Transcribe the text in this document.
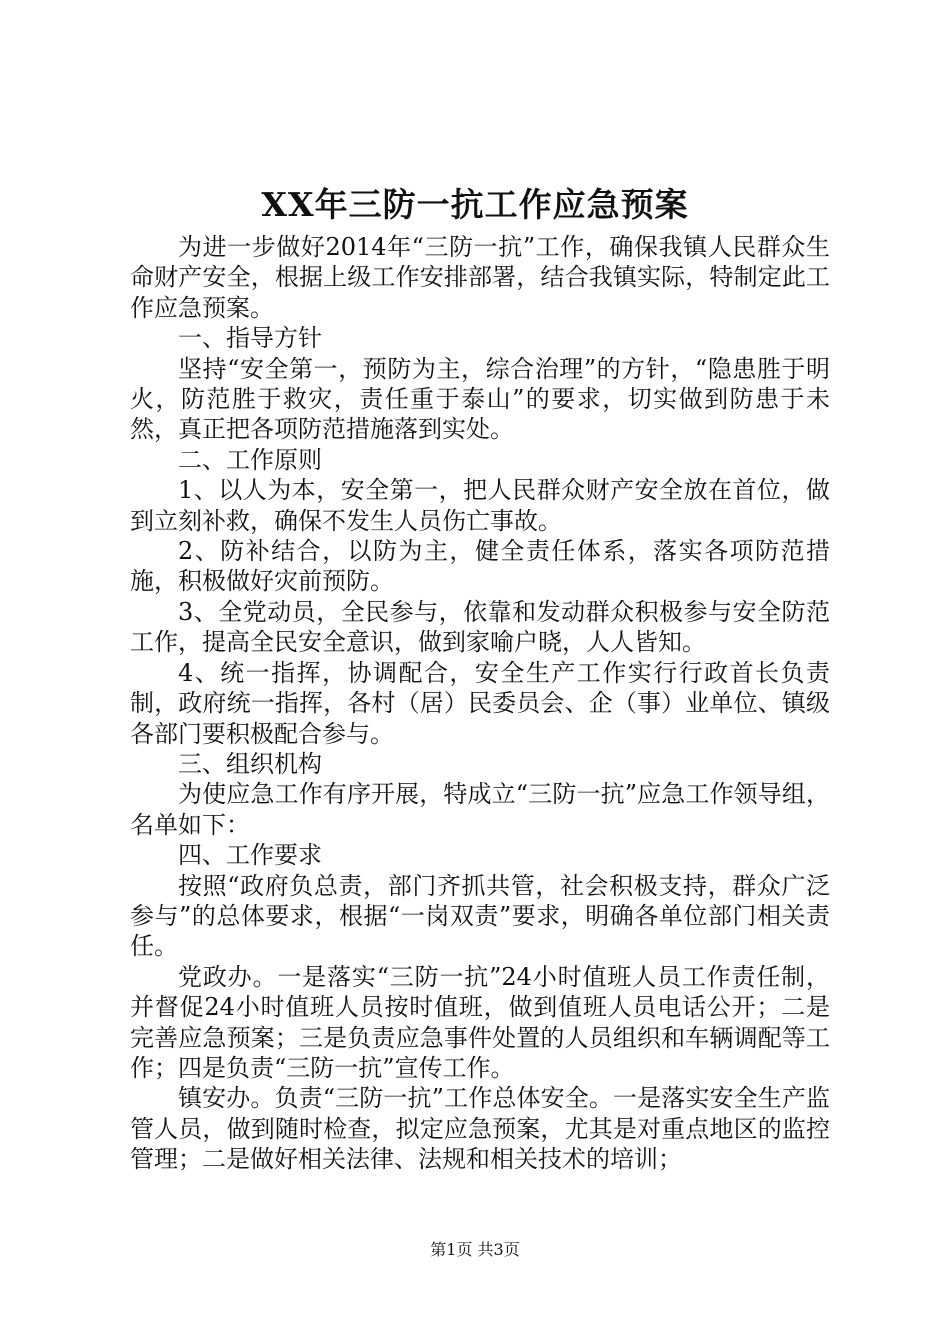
XX年三防一抗工作应急预案

为进一步做好2014年“三防一抗”工作，确保我镇人民群众生命财产安全，根据上级工作安排部署，结合我镇实际，特制定此工作应急预案。

一、指导方针

坚持“安全第一，预防为主，综合治理”的方针，“隐患胜于明火，防范胜于救灾，责任重于泰山”的要求，切实做到防患于未然，真正把各项防范措施落到实处。

二、工作原则

1、以人为本，安全第一，把人民群众财产安全放在首位，做到立刻补救，确保不发生人员伤亡事故。

2、防补结合，以防为主，健全责任体系，落实各项防范措施，积极做好灾前预防。

3、全党动员，全民参与，依靠和发动群众积极参与安全防范工作，提高全民安全意识，做到家喻户晓，人人皆知。

4、统一指挥，协调配合，安全生产工作实行行政首长负责制，政府统一指挥，各村（居）民委员会、企（事）业单位、镇级各部门要积极配合参与。

三、组织机构

为使应急工作有序开展，特成立“三防一抗”应急工作领导组，名单如下：

四、工作要求

按照“政府负总责，部门齐抓共管，社会积极支持，群众广泛参与”的总体要求，根据“一岗双责”要求，明确各单位部门相关责任。

党政办。一是落实“三防一抗”24小时值班人员工作责任制，并督促24小时值班人员按时值班，做到值班人员电话公开；二是完善应急预案；三是负责应急事件处置的人员组织和车辆调配等工作；四是负责“三防一抗”宣传工作。

镇安办。负责“三防一抗”工作总体安全。一是落实安全生产监管人员，做到随时检查，拟定应急预案，尤其是对重点地区的监控管理；二是做好相关法律、法规和相关技术的培训；

第1页 共3页
